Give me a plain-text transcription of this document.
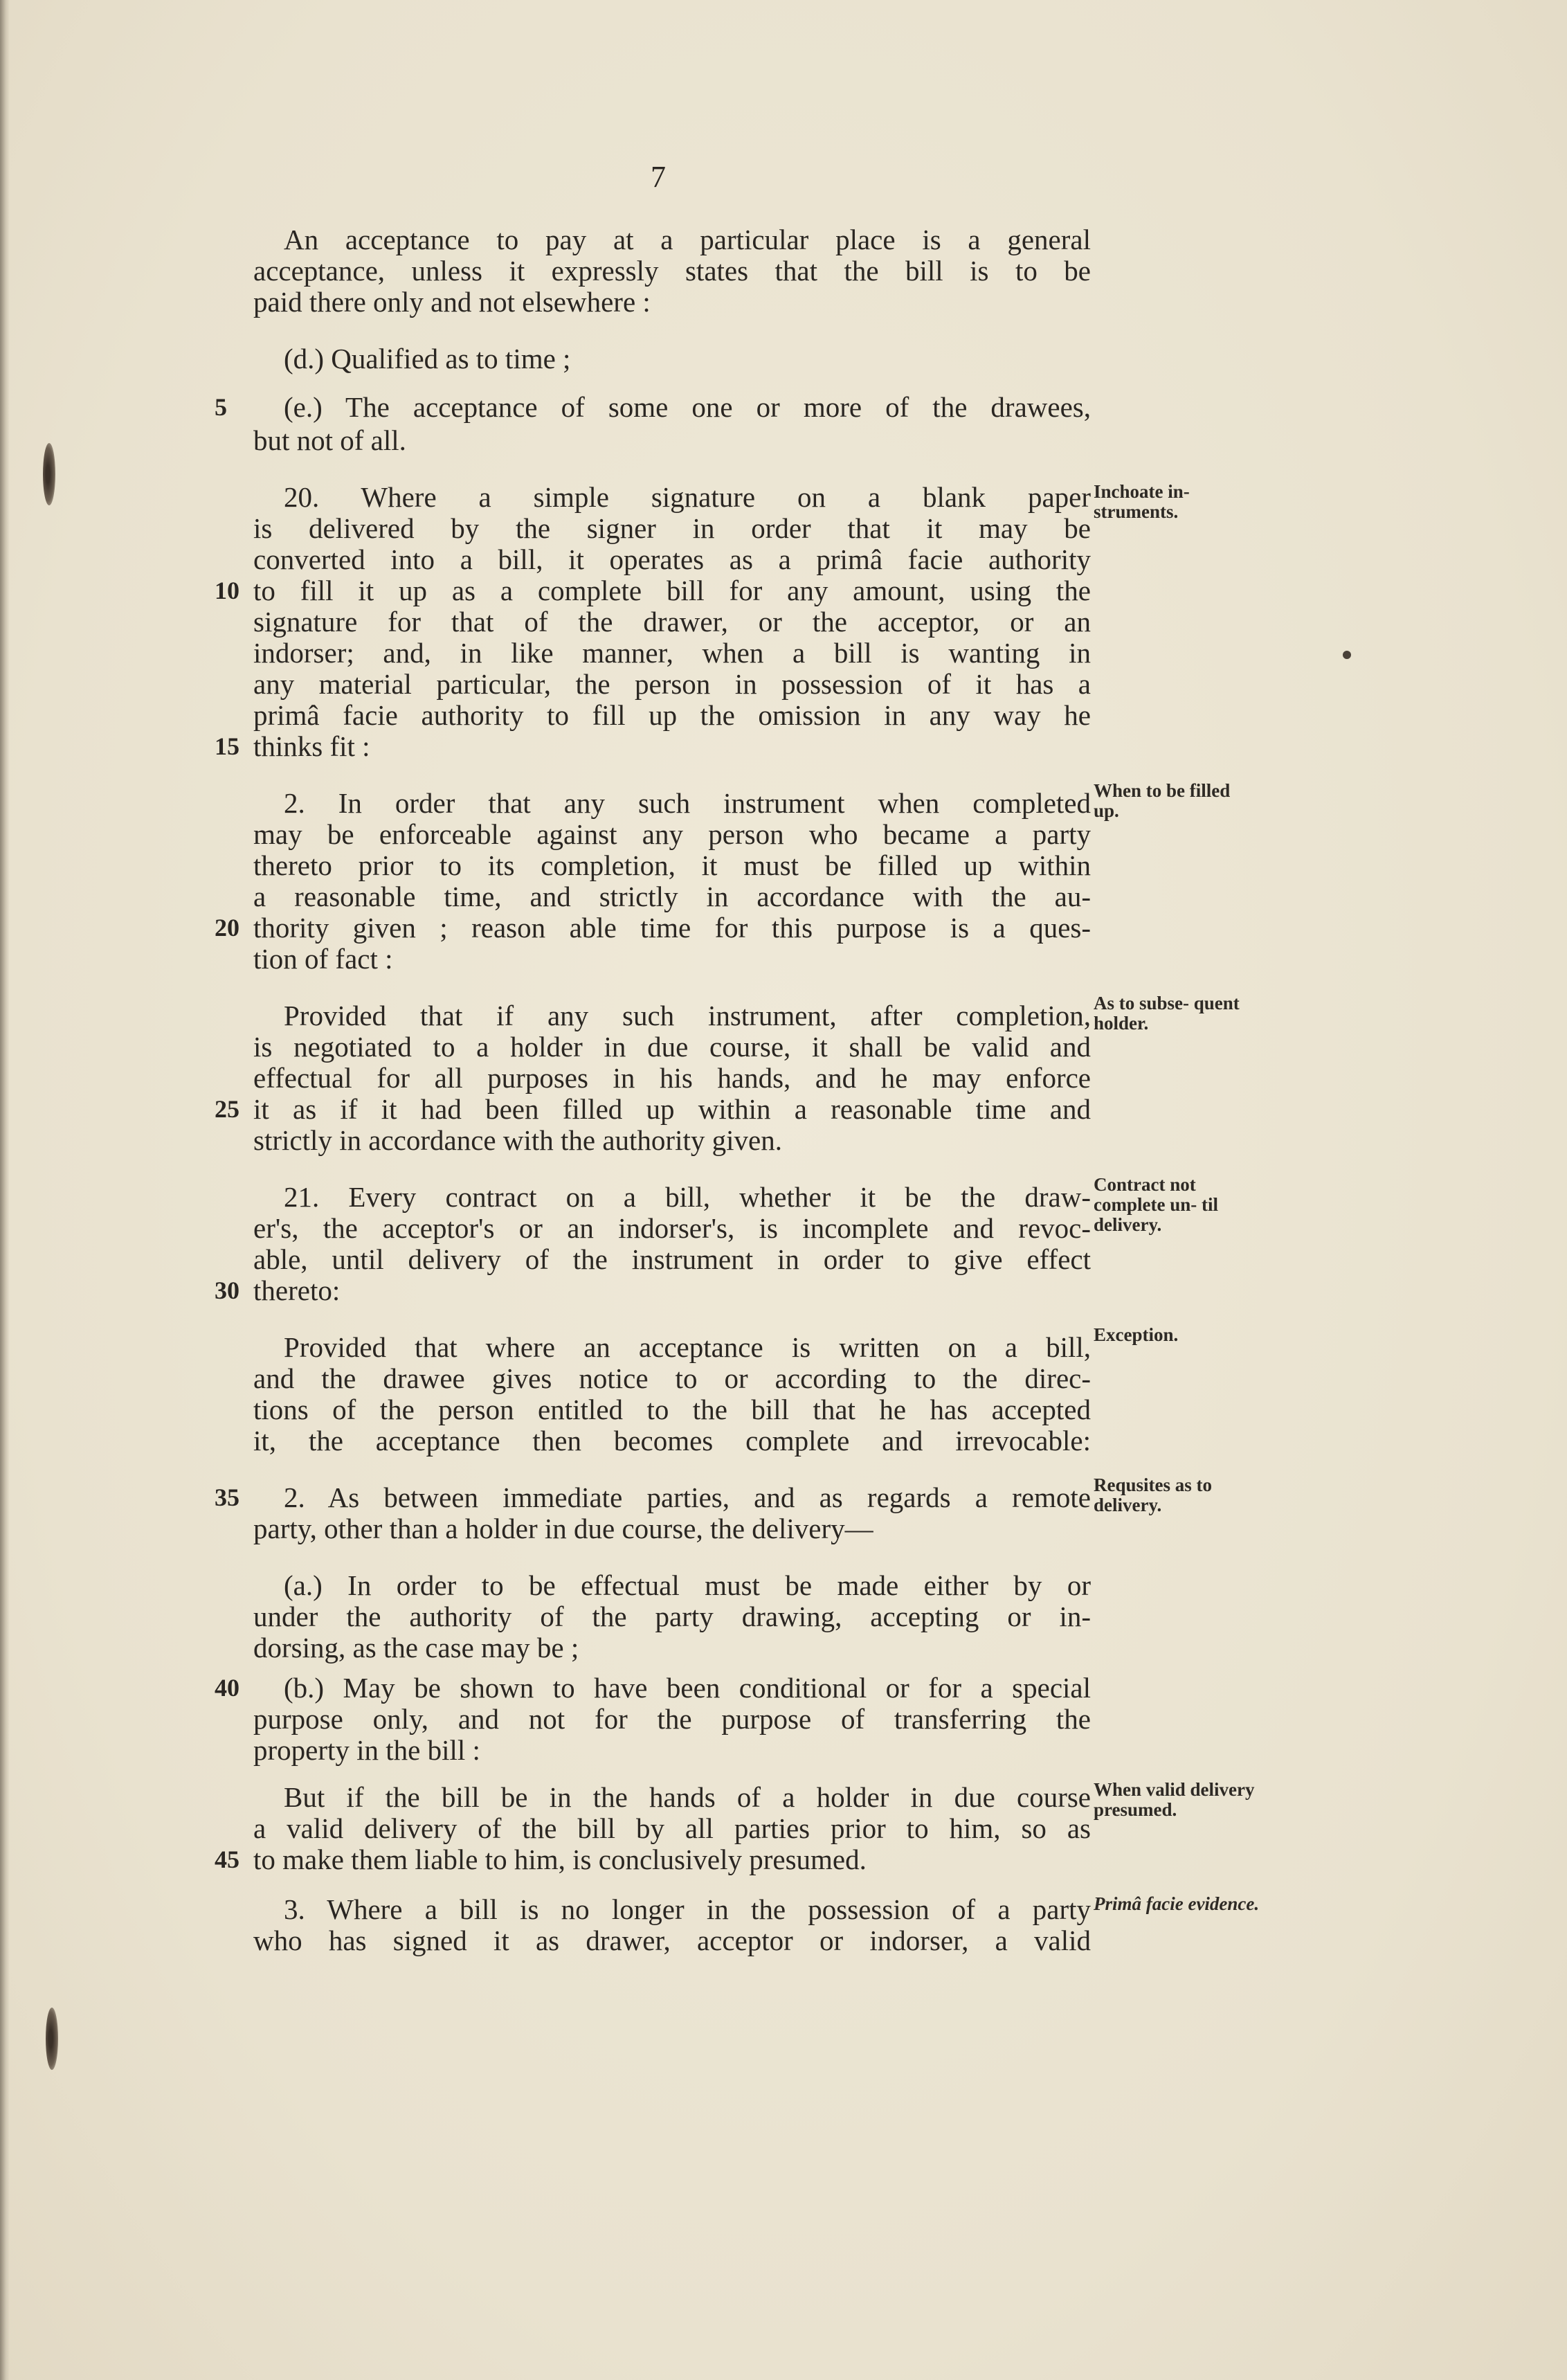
7
An acceptance to pay at a particular place is a general
acceptance, unless it expressly states that the bill is to be
paid there only and not elsewhere :
(d.) Qualified as to time ;
(e.) The acceptance of some one or more of the drawees,
but not of all.
20. Where a simple signature on a blank paper
is delivered by the signer in order that it may be
converted into a bill, it operates as a primâ facie authority
to fill it up as a complete bill for any amount, using the
signature for that of the drawer, or the acceptor, or an
indorser; and, in like manner, when a bill is wanting in
any material particular, the person in possession of it has a
primâ facie authority to fill up the omission in any way he
thinks fit :
2. In order that any such instrument when completed
may be enforceable against any person who became a party
thereto prior to its completion, it must be filled up within
a reasonable time, and strictly in accordance with the au-
thority given ; reason able time for this purpose is a ques-
tion of fact :
Provided that if any such instrument, after completion,
is negotiated to a holder in due course, it shall be valid and
effectual for all purposes in his hands, and he may enforce
it as if it had been filled up within a reasonable time and
strictly in accordance with the authority given.
21. Every contract on a bill, whether it be the draw-
er's, the acceptor's or an indorser's, is incomplete and revoc-
able, until delivery of the instrument in order to give effect
thereto:
Provided that where an acceptance is written on a bill,
and the drawee gives notice to or according to the direc-
tions of the person entitled to the bill that he has accepted
it, the acceptance then becomes complete and irrevocable:
2. As between immediate parties, and as regards a remote
party, other than a holder in due course, the delivery—
(a.) In order to be effectual must be made either by or
under the authority of the party drawing, accepting or in-
dorsing, as the case may be ;
(b.) May be shown to have been conditional or for a special
purpose only, and not for the purpose of transferring the
property in the bill :
But if the bill be in the hands of a holder in due course
a valid delivery of the bill by all parties prior to him, so as
to make them liable to him, is conclusively presumed.
3. Where a bill is no longer in the possession of a party
who has signed it as drawer, acceptor or indorser, a valid
5
10
15
20
25
30
35
40
45
Inchoate in- struments.
When to be filled up.
As to subse- quent holder.
Contract not complete un- til delivery.
Exception.
Requsites as to delivery.
When valid delivery presumed.
Primâ facie evidence.
